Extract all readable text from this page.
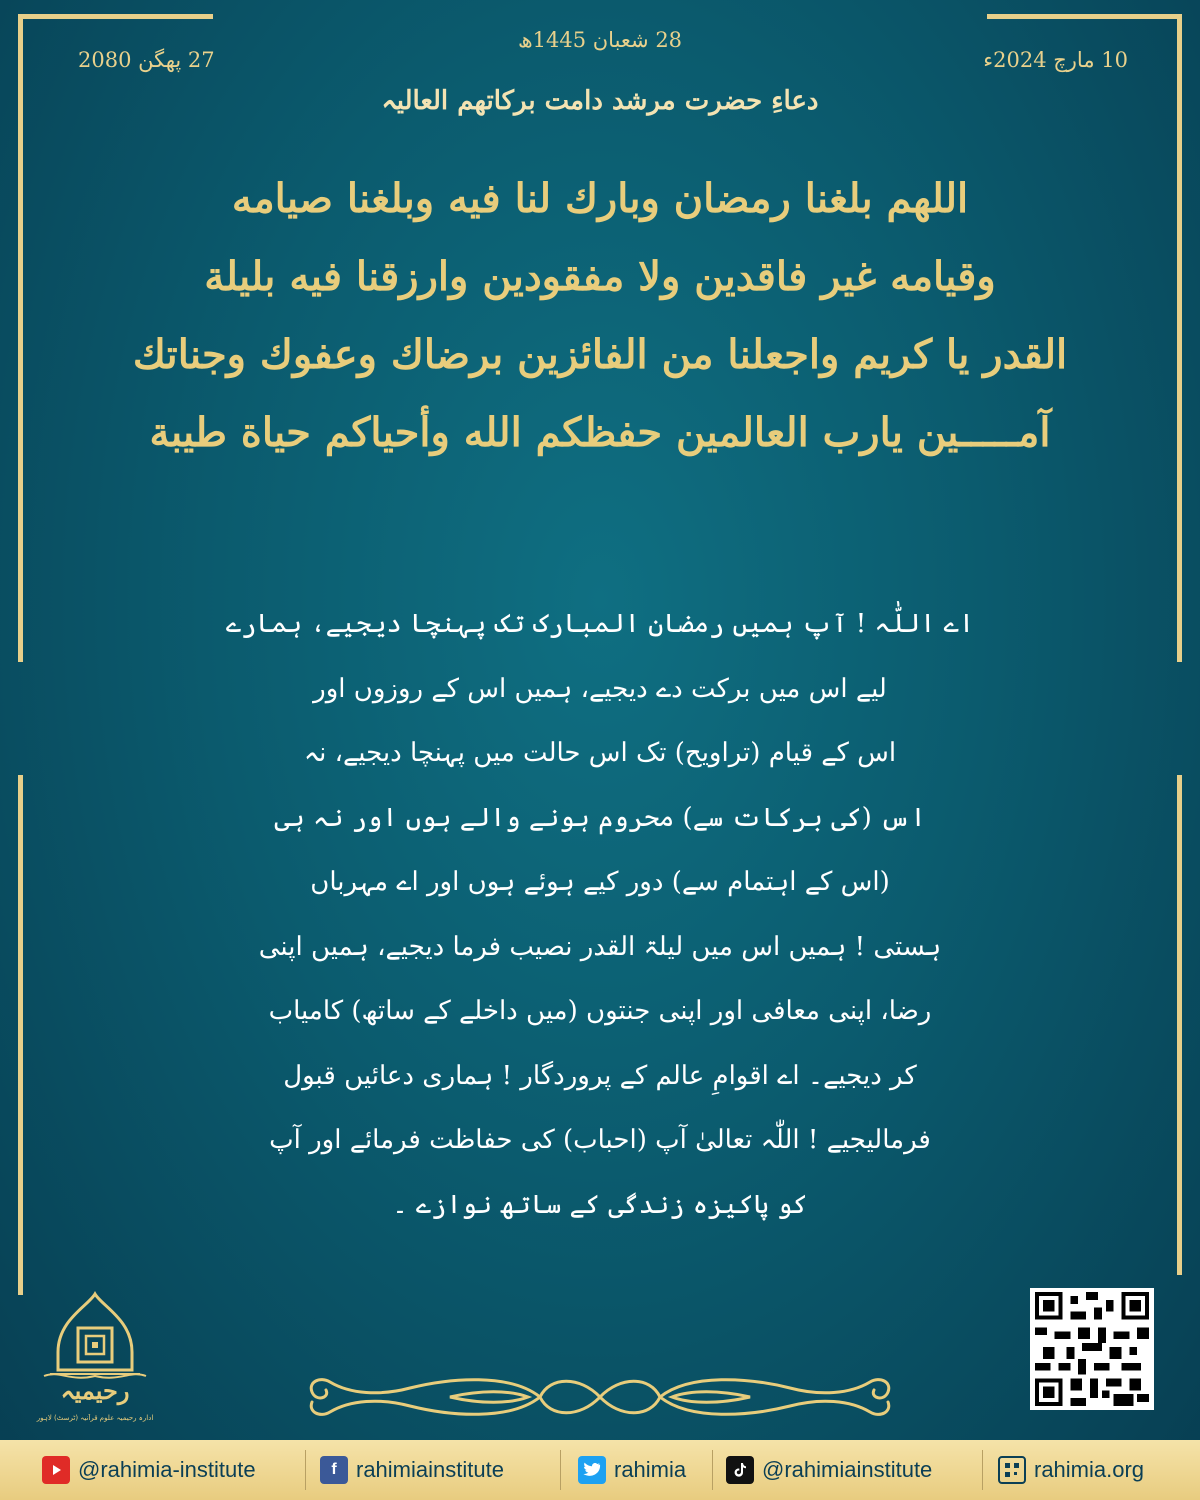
28 شعبان 1445ھ
10 مارچ 2024ء
27 پھگن 2080
دعاءِ حضرت مرشد دامت برکاتھم العالیہ
اللھم بلغنا رمضان وبارك لنا فیه وبلغنا صیامه
وقیامه غیر فاقدین ولا مفقودین وارزقنا فیه بلیلة
القدر یا کریم واجعلنا من الفائزین برضاك وعفوك وجناتك
آمـــــین یارب العالمین حفظكم الله وأحیاكم حیاة طیبة
اے اللّٰہ ! آپ ہمیں رمضان المبارک تک پہنچا دیجیے، ہمارے
لیے اس میں برکت دے دیجیے، ہمیں اس کے روزوں اور
اس کے قیام (تراویح) تک اس حالت میں پہنچا دیجیے، نہ
اس (کی برکات سے) محروم ہونے والے ہوں اور نہ ہی
(اس کے اہتمام سے) دور کیے ہوئے ہوں اور اے مہرباں
ہستی ! ہمیں اس میں لیلۃ القدر نصیب فرما دیجیے، ہمیں اپنی
رضا، اپنی معافی اور اپنی جنتوں (میں داخلے کے ساتھ) کامیاب
کر دیجیے۔ اے اقوامِ عالم کے پروردگار ! ہماری دعائیں قبول
فرمالیجیے ! اللّٰہ تعالیٰ آپ (احباب) کی حفاظت فرمائے اور آپ
کو پاکیزہ زندگی کے ساتھ نوازے ۔
رحیمیہ
ادارہ رحیمیہ علومِ قرآنیہ (ٹرسٹ) لاہور
@rahimia-institute	f rahimiainstitute	rahimia	@rahimiainstitute	rahimia.org
